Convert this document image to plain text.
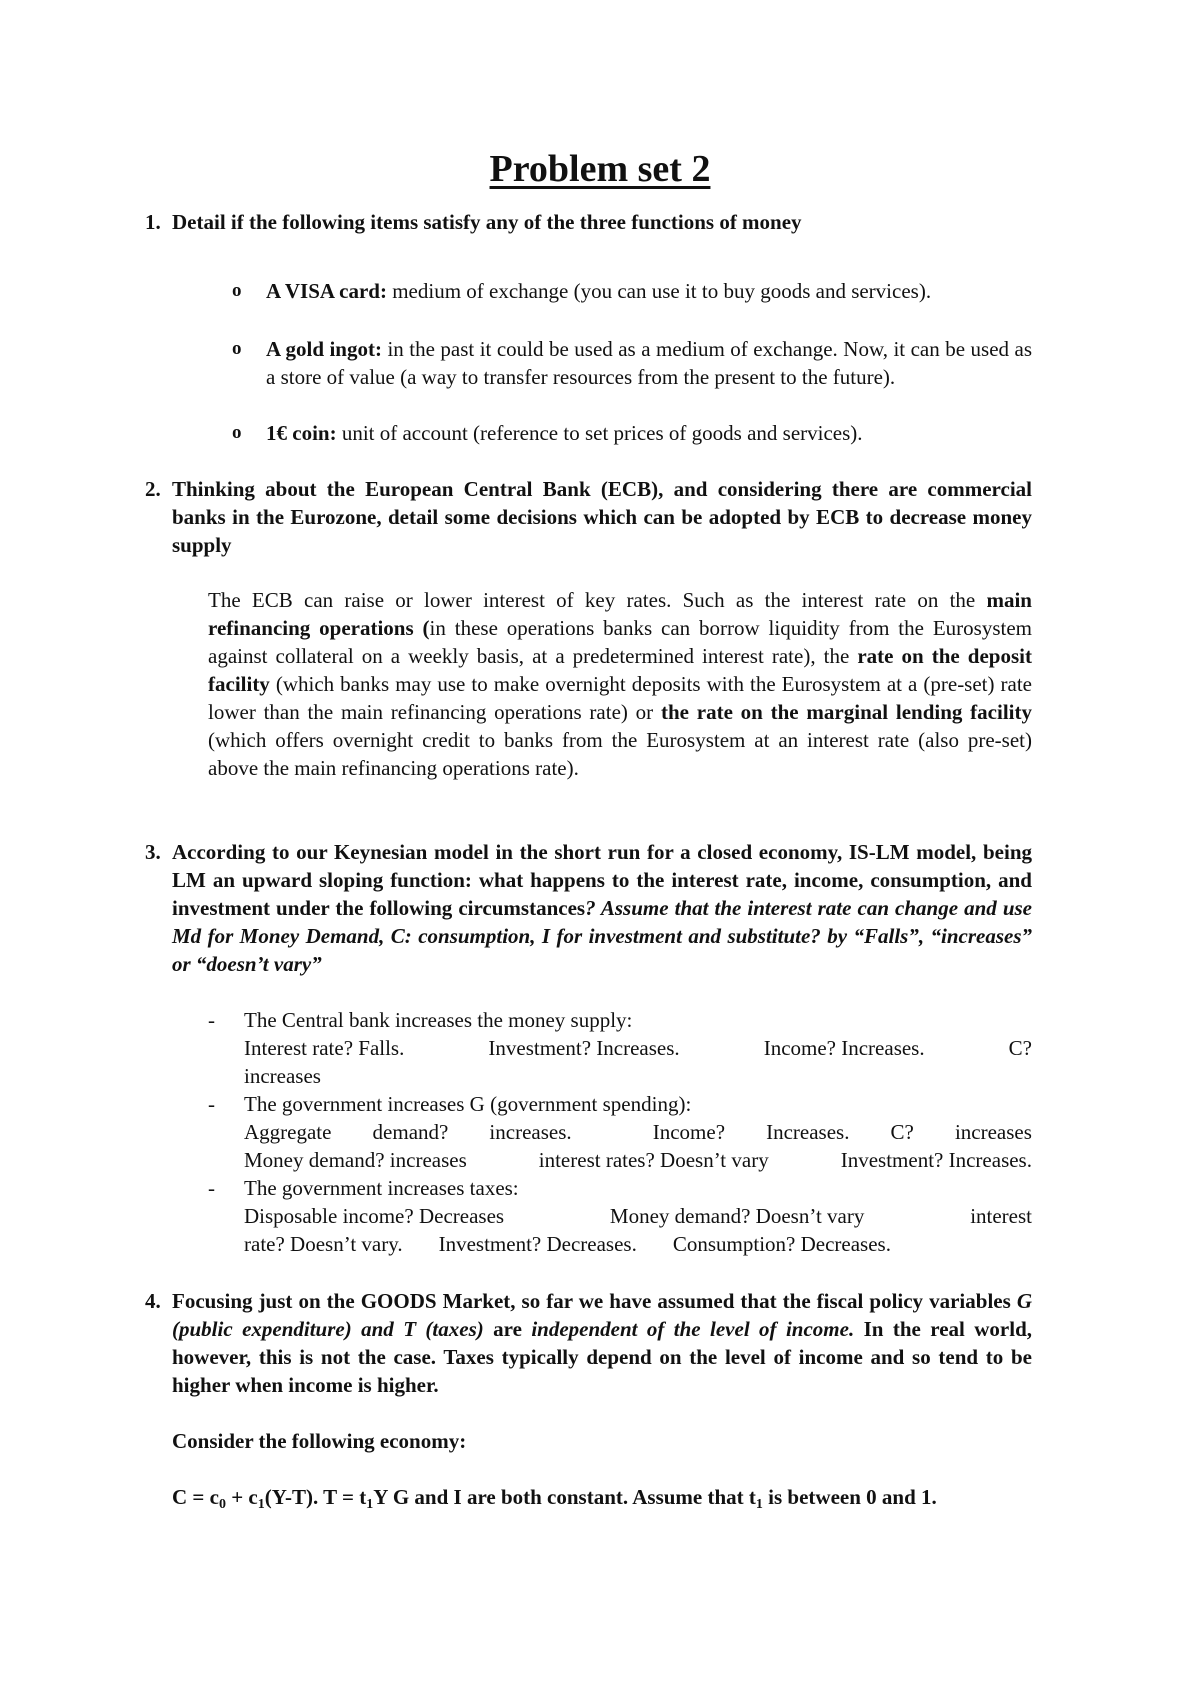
Problem set 2
1. Detail if the following items satisfy any of the three functions of money
o A VISA card: medium of exchange (you can use it to buy goods and services).
o A gold ingot: in the past it could be used as a medium of exchange. Now, it can be used as a store of value (a way to transfer resources from the present to the future).
o 1€ coin: unit of account (reference to set prices of goods and services).
2. Thinking about the European Central Bank (ECB), and considering there are commercial banks in the Eurozone, detail some decisions which can be adopted by ECB to decrease money supply
The ECB can raise or lower interest of key rates. Such as the interest rate on the main refinancing operations (in these operations banks can borrow liquidity from the Eurosystem against collateral on a weekly basis, at a predetermined interest rate), the rate on the deposit facility (which banks may use to make overnight deposits with the Eurosystem at a (pre-set) rate lower than the main refinancing operations rate) or the rate on the marginal lending facility (which offers overnight credit to banks from the Eurosystem at an interest rate (also pre-set) above the main refinancing operations rate).
3. According to our Keynesian model in the short run for a closed economy, IS-LM model, being LM an upward sloping function: what happens to the interest rate, income, consumption, and investment under the following circumstances? Assume that the interest rate can change and use Md for Money Demand, C: consumption, I for investment and substitute? by “Falls”, “increases” or “doesn’t vary”
- The Central bank increases the money supply:
Interest rate? Falls.	Investment? Increases.	Income? Increases.	C?
increases
- The government increases G (government spending):
Aggregate demand? increases.	Income? Increases. C? increases
Money demand? increases	interest rates? Doesn’t vary	Investment? Increases.
- The government increases taxes:
Disposable income? Decreases	Money demand? Doesn’t vary	interest
rate? Doesn’t vary. Investment? Decreases. Consumption? Decreases.
4. Focusing just on the GOODS Market, so far we have assumed that the fiscal policy variables G (public expenditure) and T (taxes) are independent of the level of income. In the real world, however, this is not the case. Taxes typically depend on the level of income and so tend to be higher when income is higher.
Consider the following economy:
$C = c_0 + c_1(Y-T)$. $T = t_1Y$ G and I are both constant. Assume that $t_1$ is between 0 and 1.
